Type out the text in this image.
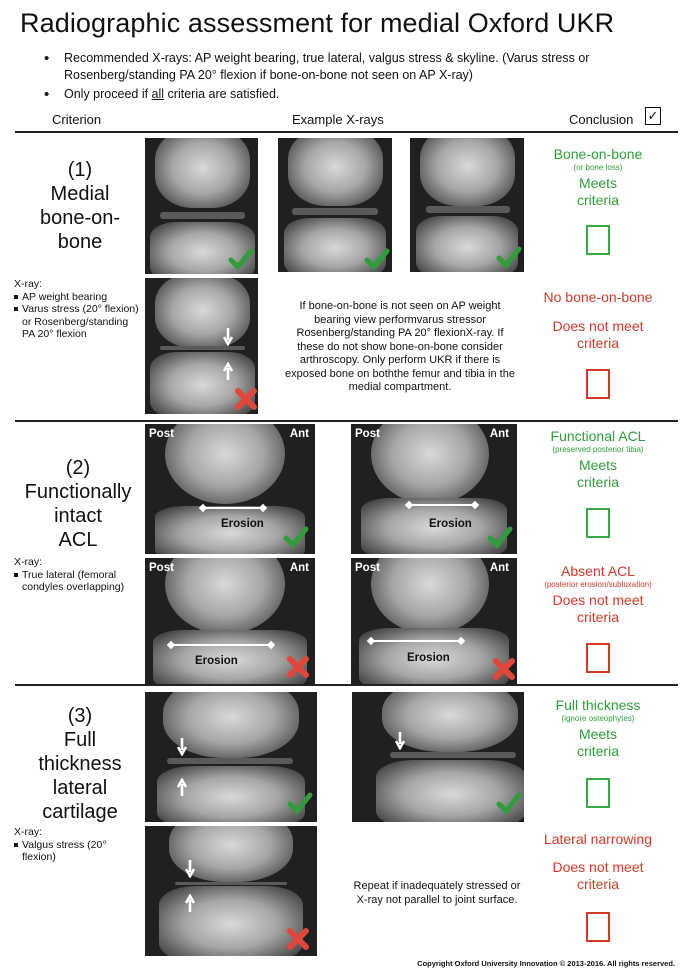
Radiographic assessment for medial Oxford UKR
• Recommended X-rays: AP weight bearing, true lateral, valgus stress & skyline. (Varus stress or Rosenberg/standing PA 20° flexion if bone-on-bone not seen on AP X-ray)
• Only proceed if all criteria are satisfied.
Criterion	Example X-rays	Conclusion ✓
(1)
Medial
bone-on-
bone
X-ray:
AP weight bearing
Varus stress (20° flexion) or Rosenberg/standing PA 20° flexion
If bone-on-bone is not seen on AP weight bearing view performvarus stressor Rosenberg/standing PA 20° flexionX-ray. If these do not show bone-on-bone consider arthroscopy. Only perform UKR if there is exposed bone on boththe femur and tibia in the medial compartment.
Bone-on-bone
(or bone loss)
Meets criteria
No bone-on-bone
Does not meet criteria
(2)
Functionally
intact
ACL
X-ray:
True lateral (femoral condyles overlapping)
Post	Ant
Erosion
Post	Ant
Erosion
Post	Ant
Erosion
Post	Ant
Erosion
Functional ACL
(preserved posterior tibia)
Meets criteria
Absent ACL
(posterior erosion/subluxation)
Does not meet criteria
(3)
Full
thickness
lateral
cartilage
X-ray:
Valgus stress (20° flexion)
Repeat if inadequately stressed or X-ray not parallel to joint surface.
Full thickness
(ignore osteophytes)
Meets criteria
Lateral narrowing
Does not meet criteria
Copyright Oxford University Innovation © 2013-2016. All rights reserved.
